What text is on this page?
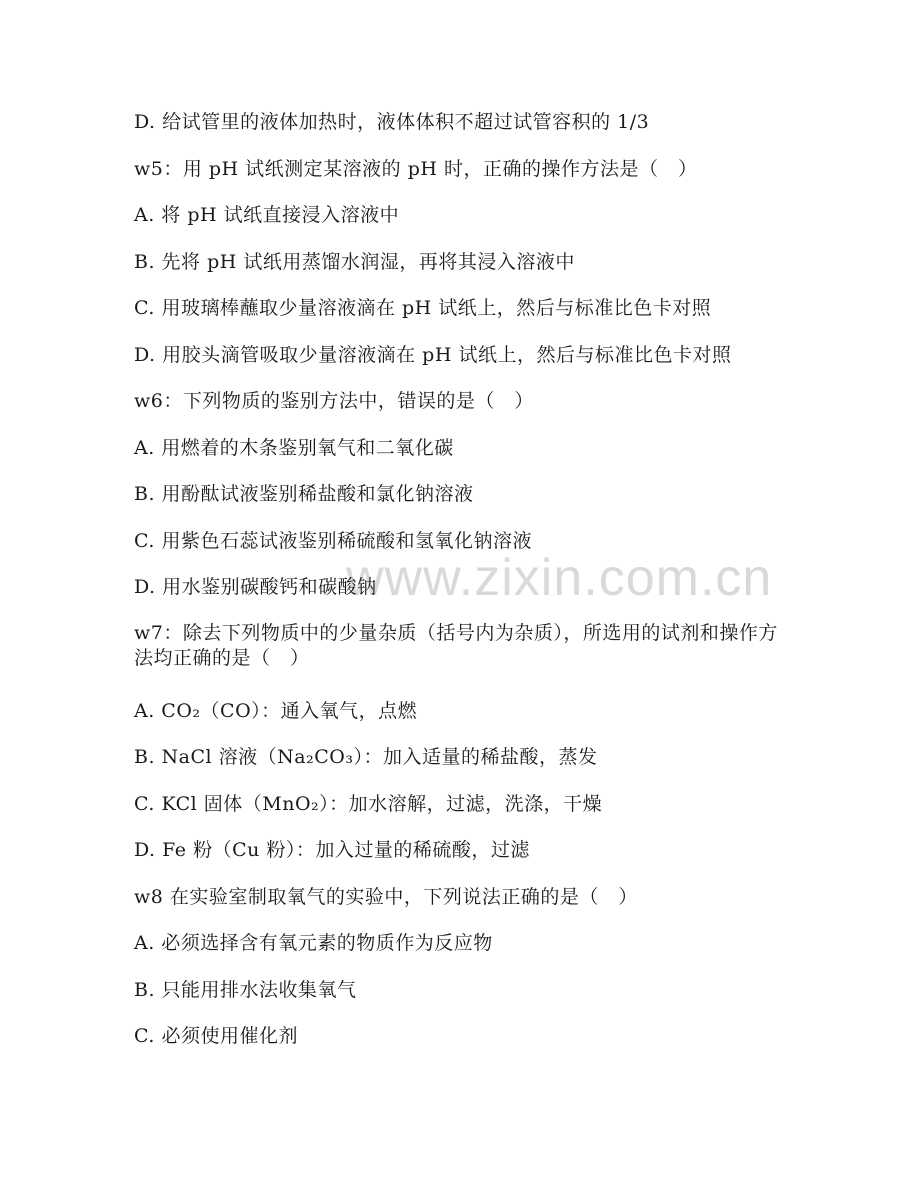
www.zixin.com.cn
D. 给试管里的液体加热时，液体体积不超过试管容积的 1/3
w5：用 pH 试纸测定某溶液的 pH 时，正确的操作方法是（　）
A. 将 pH 试纸直接浸入溶液中
B. 先将 pH 试纸用蒸馏水润湿，再将其浸入溶液中
C. 用玻璃棒蘸取少量溶液滴在 pH 试纸上，然后与标准比色卡对照
D. 用胶头滴管吸取少量溶液滴在 pH 试纸上，然后与标准比色卡对照
w6：下列物质的鉴别方法中，错误的是（　）
A. 用燃着的木条鉴别氧气和二氧化碳
B. 用酚酞试液鉴别稀盐酸和氯化钠溶液
C. 用紫色石蕊试液鉴别稀硫酸和氢氧化钠溶液
D. 用水鉴别碳酸钙和碳酸钠
w7：除去下列物质中的少量杂质（括号内为杂质），所选用的试剂和操作方法均正确的是（　）
A. CO₂（CO）：通入氧气，点燃
B. NaCl 溶液（Na₂CO₃）：加入适量的稀盐酸，蒸发
C. KCl 固体（MnO₂）：加水溶解，过滤，洗涤，干燥
D. Fe 粉（Cu 粉）：加入过量的稀硫酸，过滤
w8 在实验室制取氧气的实验中，下列说法正确的是（　）
A. 必须选择含有氧元素的物质作为反应物
B. 只能用排水法收集氧气
C. 必须使用催化剂
